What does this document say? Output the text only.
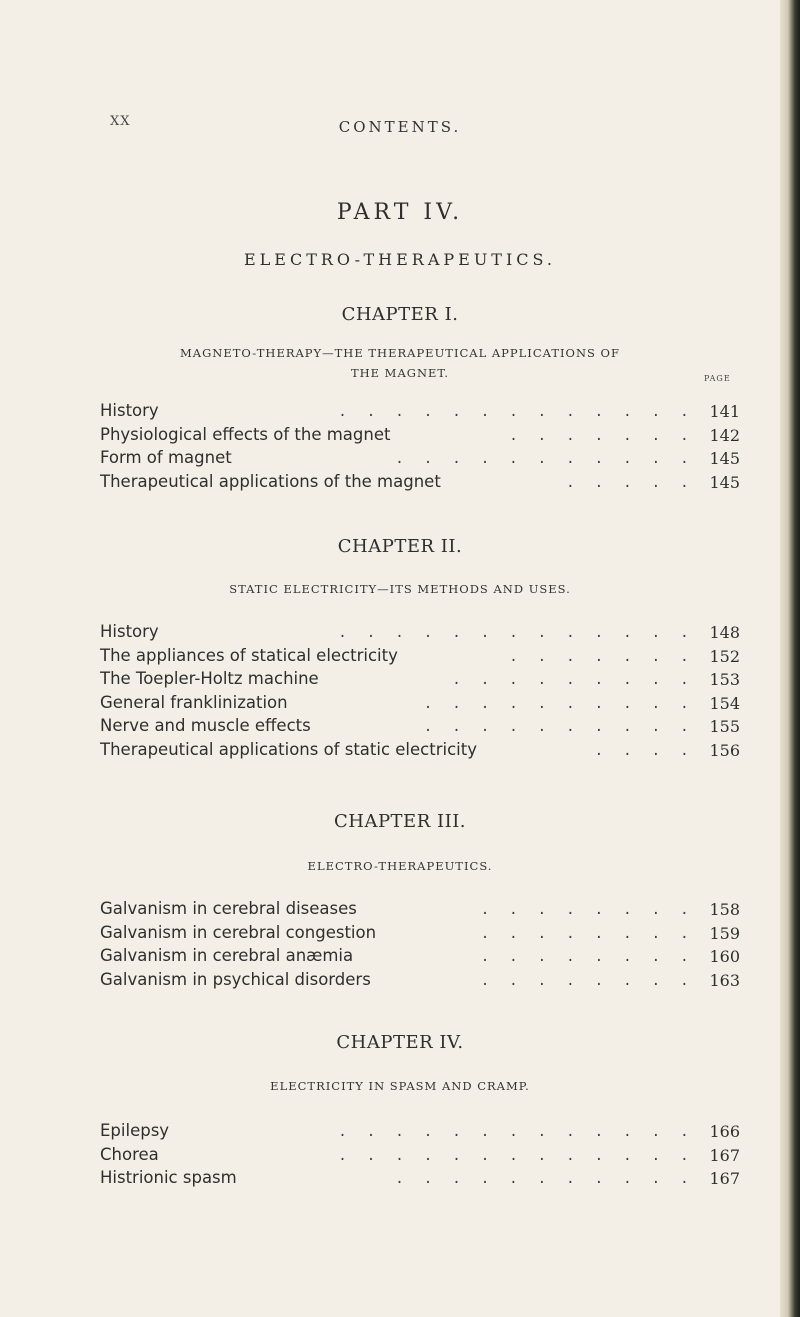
XX	CONTENTS.
PART IV.
ELECTRO-THERAPEUTICS.
CHAPTER I.
MAGNETO-THERAPY—THE THERAPEUTICAL APPLICATIONS OF
THE MAGNET.	PAGE
History	. . . . . . . . . . . . . 141
Physiological effects of the magnet	. . . . . . . 142
Form of magnet	. . . . . . . . . . . 145
Therapeutical applications of the magnet	. . . . . 145
CHAPTER II.
STATIC ELECTRICITY—ITS METHODS AND USES.
History	. . . . . . . . . . . . . 148
The appliances of statical electricity	. . . . . . . 152
The Toepler-Holtz machine	. . . . . . . . . 153
General franklinization	. . . . . . . . . . 154
Nerve and muscle effects	. . . . . . . . . . 155
Therapeutical applications of static electricity	. . . . 156
CHAPTER III.
ELECTRO-THERAPEUTICS.
Galvanism in cerebral diseases	. . . . . . . . 158
Galvanism in cerebral congestion	. . . . . . . . 159
Galvanism in cerebral anæmia	. . . . . . . . 160
Galvanism in psychical disorders	. . . . . . . . 163
CHAPTER IV.
ELECTRICITY IN SPASM AND CRAMP.
Epilepsy	. . . . . . . . . . . . . 166
Chorea	. . . . . . . . . . . . . 167
Histrionic spasm	. . . . . . . . . . . 167
